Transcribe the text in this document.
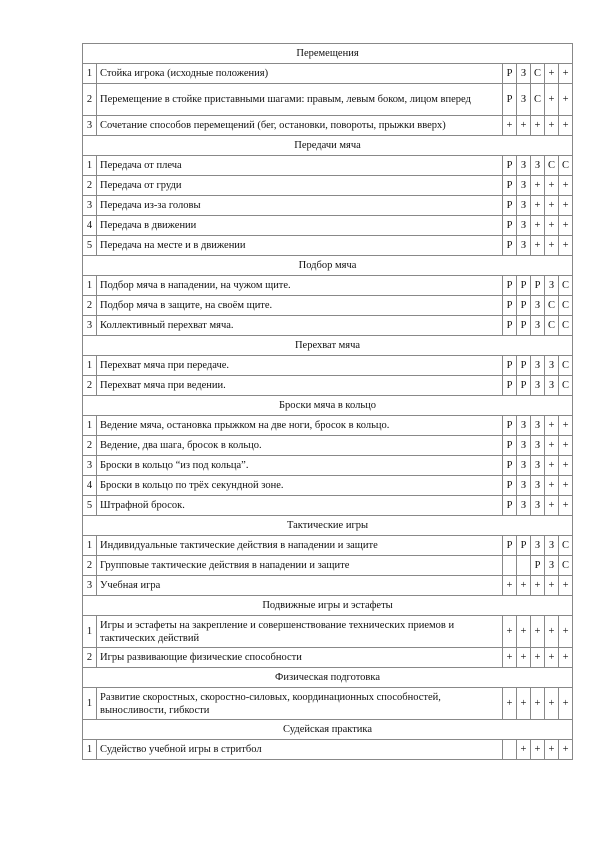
Перемещения						
1	Стойка игрока (исходные положения)	Р	З	С	+	+
2	Перемещение в стойке приставными шагами: правым, левым боком, лицом вперед	Р	З	С	+	+
3	Сочетание способов перемещений (бег, остановки, повороты, прыжки вверх)	+	+	+	+	+
Передачи мяча						
1	Передача от плеча	Р	З	З	С	С
2	Передача от груди	Р	З	+	+	+
3	Передача из-за головы	Р	З	+	+	+
4	Передача в движении	Р	З	+	+	+
5	Передача на месте и в движении	Р	З	+	+	+
Подбор мяча						
1	Подбор мяча в нападении, на чужом щите.	Р	Р	Р	З	С
2	Подбор мяча в защите, на своём щите.	Р	Р	З	С	С
3	Коллективный перехват мяча.	Р	Р	З	С	С
Перехват мяча						
1	Перехват мяча при передаче.	Р	Р	З	З	С
2	Перехват мяча при ведении.	Р	Р	З	З	С
Броски мяча в кольцо						
1	Ведение мяча, остановка прыжком на две ноги, бросок в кольцо.	Р	З	З	+	+
2	Ведение, два шага, бросок в кольцо.	Р	З	З	+	+
3	Броски в кольцо “из под кольца”.	Р	З	З	+	+
4	Броски в кольцо по трёх секундной зоне.	Р	З	З	+	+
5	Штрафной бросок.	Р	З	З	+	+
Тактические игры						
1	Индивидуальные тактические действия в нападении и защите	Р	Р	З	З	С
2	Групповые тактические действия в нападении и защите			Р	З	С
3	Учебная игра	+	+	+	+	+
Подвижные игры и эстафеты						
1	Игры и эстафеты на закрепление и совершенствование технических приемов и тактических действий	+	+	+	+	+
2	Игры развивающие физические способности	+	+	+	+	+
Физическая подготовка						
1	Развитие скоростных, скоростно-силовых, координационных способностей, выносливости, гибкости	+	+	+	+	+
Судейская практика						
1	Судейство учебной игры в стритбол		+	+	+	+
